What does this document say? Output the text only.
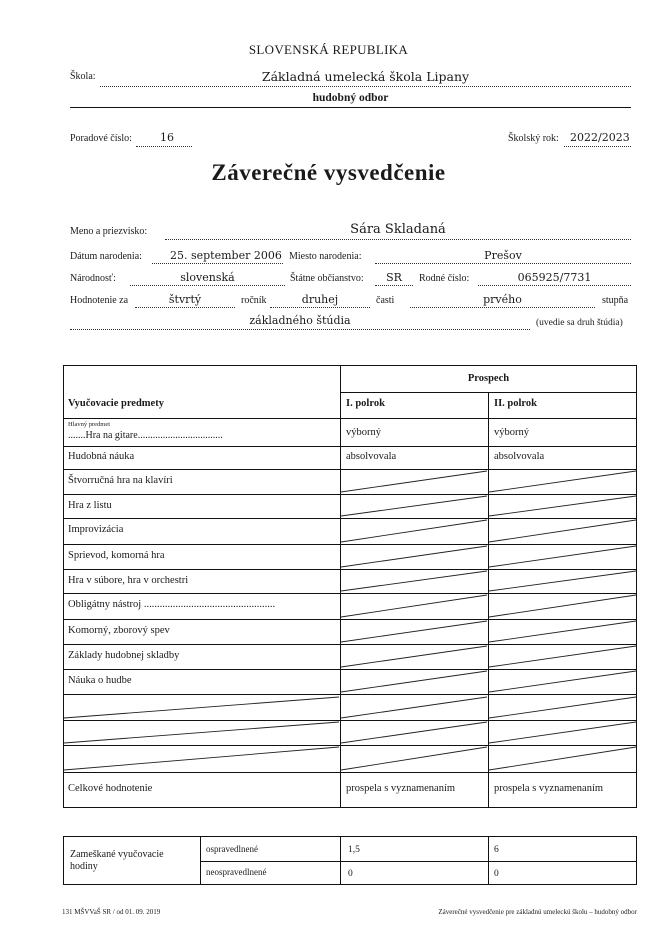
SLOVENSKÁ REPUBLIKA
Škola:	Základná umelecká škola Lipany
hudobný odbor
Poradové číslo:	16	Školský rok: 2022/2023
Záverečné vysvedčenie
Meno a priezvisko:	Sára Skladaná
Dátum narodenia:	25. september 2006 Miesto narodenia:	Prešov
Národnosť:	slovenská	Štátne občianstvo:	SR	Rodné číslo:	065925/7731
Hodnotenie za	štvrtý	ročník	druhej	časti	prvého	stupňa
základného štúdia	(uvedie sa druh štúdia)
Prospech
Vyučovacie predmety	I. polrok	II. polrok
Hlavný predmet
.......Hra na gitare..................................	výborný	výborný
Hudobná náuka	absolvovala	absolvovala
Štvorručná hra na klavíri
Hra z listu
Improvizácia
Sprievod, komorná hra
Hra v súbore, hra v orchestri
Obligátny nástroj ..................................................
Komorný, zborový spev
Základy hudobnej skladby
Náuka o hudbe
Celkové hodnotenie	prospela s vyznamenaním	prospela s vyznamenaním
Zameškané vyučovacie
hodiny
ospravedlnené	1,5	6
neospravedlnené	0	0
131 MŠVVaŠ SR / od 01. 09. 2019	Záverečné vysvedčenie pre základnú umeleckú školu – hudobný odbor
